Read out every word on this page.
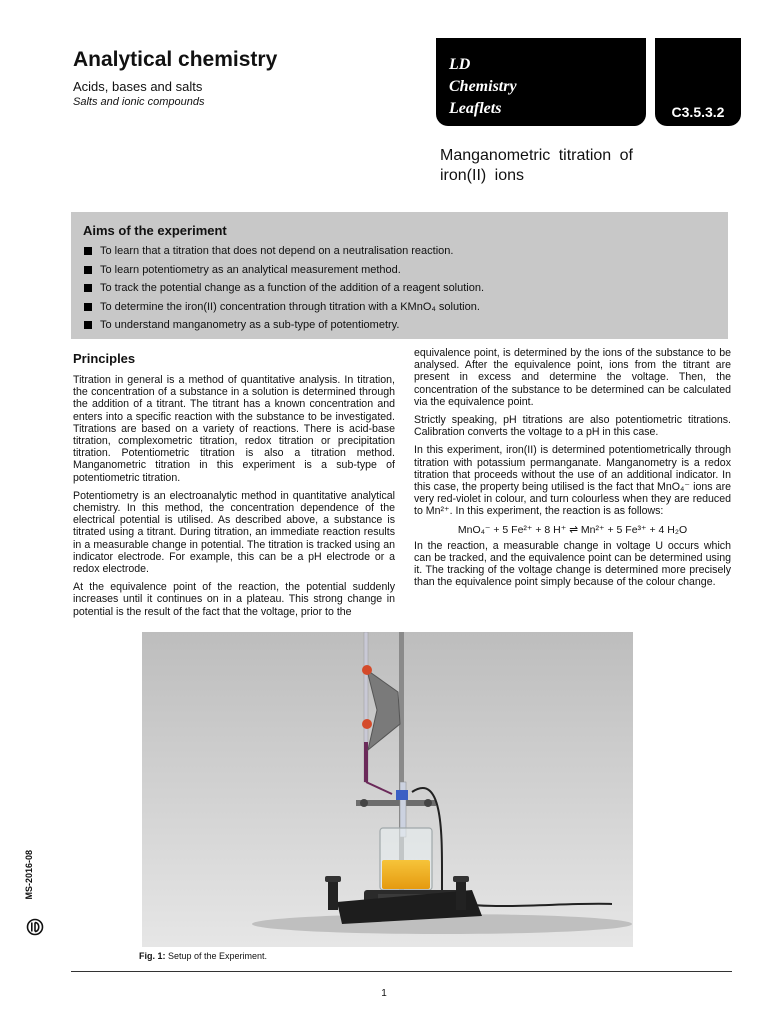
Analytical chemistry
Acids, bases and salts
Salts and ionic compounds
LD
Chemistry
Leaflets	C3.5.3.2
Manganometric titration of iron(II) ions
Aims of the experiment
To learn that a titration that does not depend on a neutralisation reaction.
To learn potentiometry as an analytical measurement method.
To track the potential change as a function of the addition of a reagent solution.
To determine the iron(II) concentration through titration with a KMnO₄ solution.
To understand manganometry as a sub-type of potentiometry.
Principles

Titration in general is a method of quantitative analysis. In titration, the concentration of a substance in a solution is determined through the addition of a titrant. The titrant has a known concentration and enters into a specific reaction with the substance to be investigated. Titrations are based on a variety of reactions. There is acid-base titration, complexometric titration, redox titration or precipitation titration. Potentiometric titration is also a titration method. Manganometric titration in this experiment is a sub-type of potentiometric titration.

Potentiometry is an electroanalytic method in quantitative analytical chemistry. In this method, the concentration dependence of the electrical potential is utilised. As described above, a substance is titrated using a titrant. During titration, an immediate reaction results in a measurable change in potential. The titration is tracked using an indicator electrode. For example, this can be a pH electrode or a redox electrode.

At the equivalence point of the reaction, the potential suddenly increases until it continues on in a plateau. This strong change in potential is the result of the fact that the voltage, prior to the

equivalence point, is determined by the ions of the substance to be analysed. After the equivalence point, ions from the titrant are present in excess and determine the voltage. Then, the concentration of the substance to be determined can be calculated via the equivalence point.

Strictly speaking, pH titrations are also potentiometric titrations. Calibration converts the voltage to a pH in this case.

In this experiment, iron(II) is determined potentiometrically through titration with potassium permanganate. Manganometry is a redox titration that proceeds without the use of an additional indicator. In this case, the property being utilised is the fact that MnO₄⁻ ions are very red-violet in colour, and turn colourless when they are reduced to Mn²⁺. In this experiment, the reaction is as follows:

MnO₄⁻ + 5 Fe²⁺ + 8 H⁺ ⇌ Mn²⁺ + 5 Fe³⁺ + 4 H₂O

In the reaction, a measurable change in voltage U occurs which can be tracked, and the equivalence point can be determined using it. The tracking of the voltage change is determined more precisely than the equivalence point simply because of the colour change.

Fig. 1: Setup of the Experiment.
1
MS-2016-08
